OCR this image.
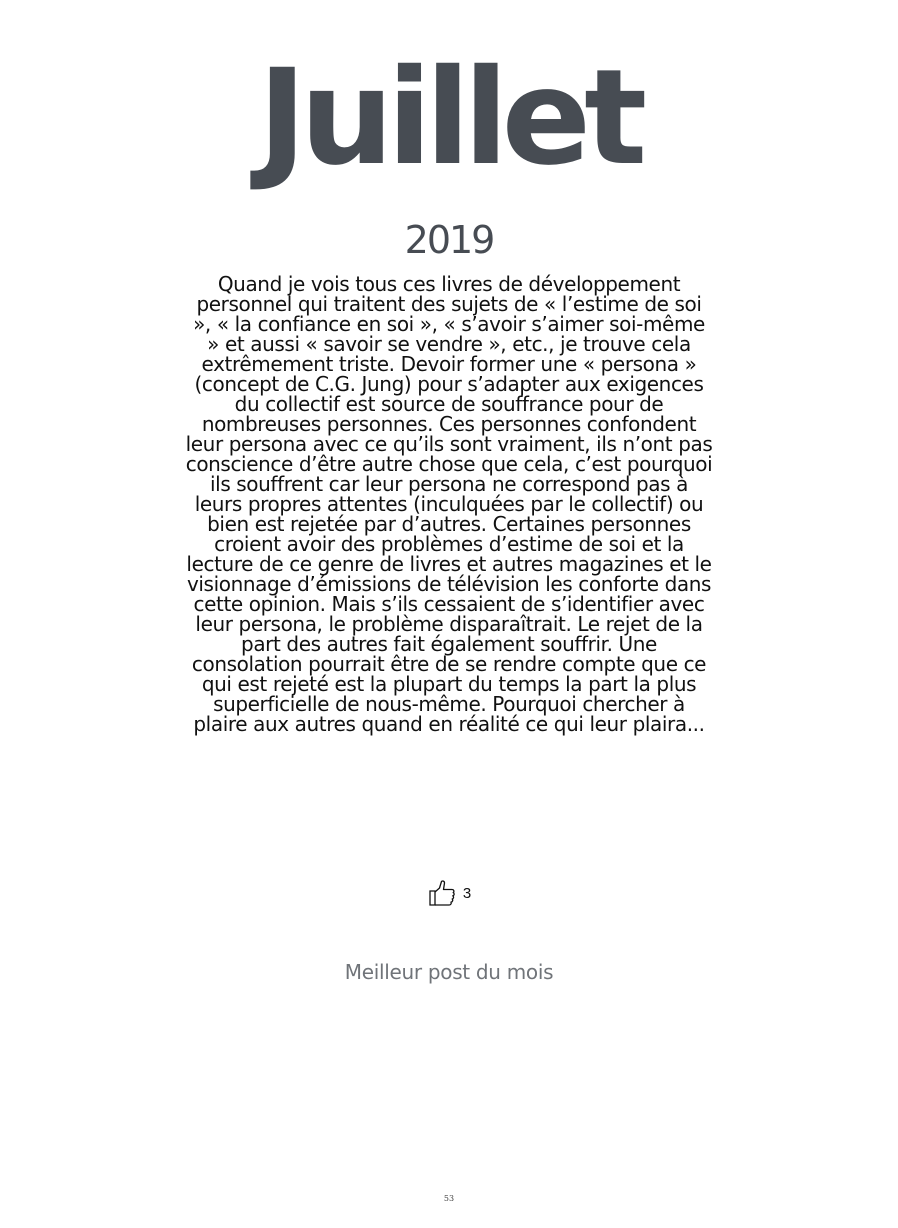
Juillet
2019

Quand je vois tous ces livres de développement personnel qui traitent des sujets de « l’estime de soi », « la confiance en soi », « s’avoir s’aimer soi-même » et aussi « savoir se vendre », etc., je trouve cela extrêmement triste. Devoir former une « persona » (concept de C.G. Jung) pour s’adapter aux exigences du collectif est source de souffrance pour de nombreuses personnes. Ces personnes confondent leur persona avec ce qu’ils sont vraiment, ils n’ont pas conscience d’être autre chose que cela, c’est pourquoi ils souffrent car leur persona ne correspond pas à leurs propres attentes (inculquées par le collectif) ou bien est rejetée par d’autres. Certaines personnes croient avoir des problèmes d’estime de soi et la lecture de ce genre de livres et autres magazines et le visionnage d’émissions de télévision les conforte dans cette opinion. Mais s’ils cessaient de s’identifier avec leur persona, le problème disparaîtrait. Le rejet de la part des autres fait également souffrir. Une consolation pourrait être de se rendre compte que ce qui est rejeté est la plupart du temps la part la plus superficielle de nous-même. Pourquoi chercher à plaire aux autres quand en réalité ce qui leur plaira...

3
Meilleur post du mois
53
